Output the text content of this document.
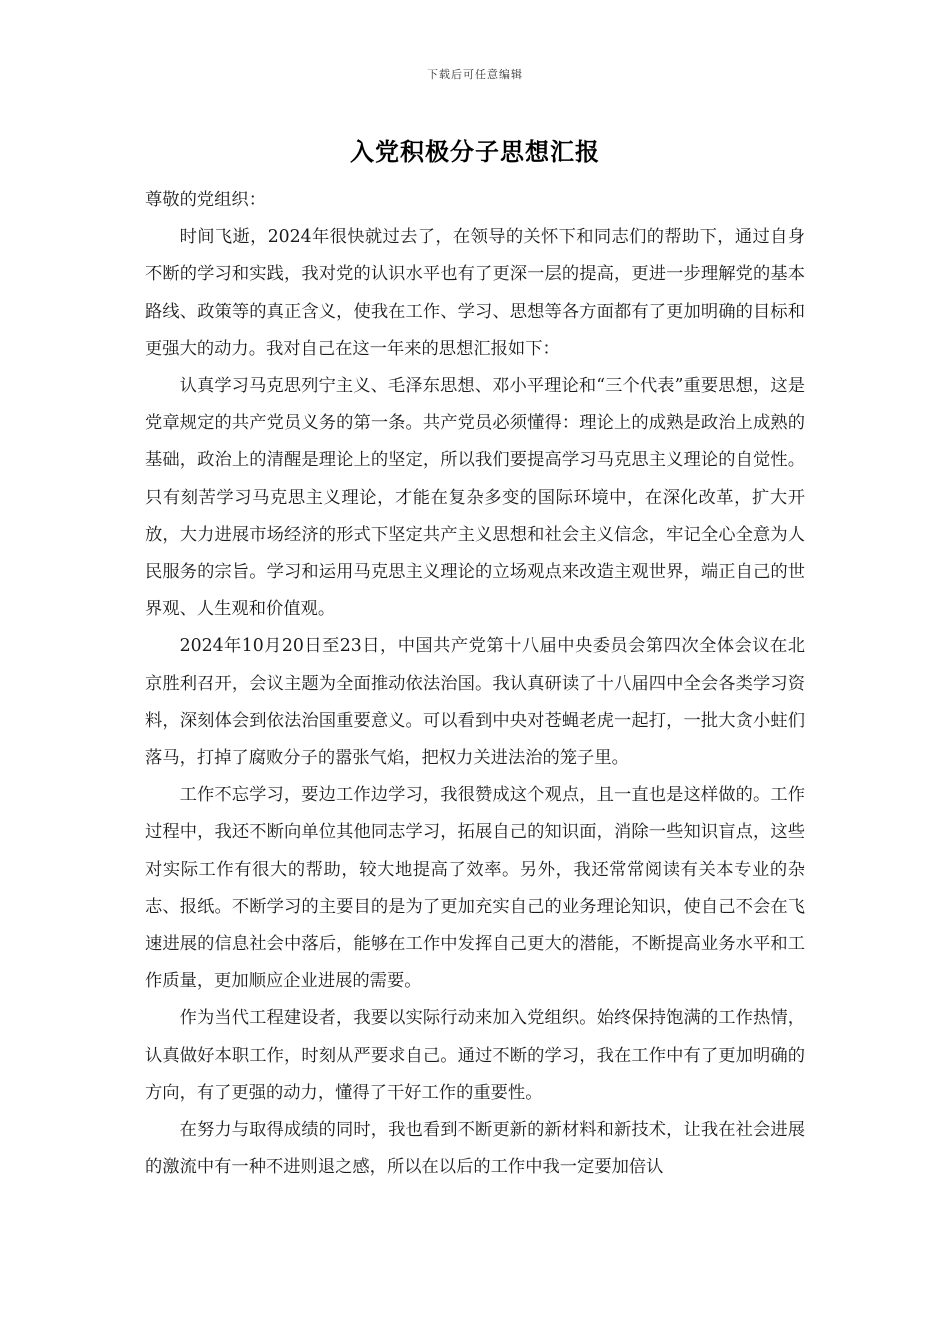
下载后可任意编辑
入党积极分子思想汇报

尊敬的党组织：

时间飞逝，2024年很快就过去了，在领导的关怀下和同志们的帮助下，通过自身不断的学习和实践，我对党的认识水平也有了更深一层的提高，更进一步理解党的基本路线、政策等的真正含义，使我在工作、学习、思想等各方面都有了更加明确的目标和更强大的动力。我对自己在这一年来的思想汇报如下：

认真学习马克思列宁主义、毛泽东思想、邓小平理论和“三个代表”重要思想，这是党章规定的共产党员义务的第一条。共产党员必须懂得：理论上的成熟是政治上成熟的基础，政治上的清醒是理论上的坚定，所以我们要提高学习马克思主义理论的自觉性。只有刻苦学习马克思主义理论，才能在复杂多变的国际环境中，在深化改革，扩大开放，大力进展市场经济的形式下坚定共产主义思想和社会主义信念，牢记全心全意为人民服务的宗旨。学习和运用马克思主义理论的立场观点来改造主观世界，端正自己的世界观、人生观和价值观。

2024年10月20日至23日，中国共产党第十八届中央委员会第四次全体会议在北京胜利召开，会议主题为全面推动依法治国。我认真研读了十八届四中全会各类学习资料，深刻体会到依法治国重要意义。可以看到中央对苍蝇老虎一起打，一批大贪小蛀们落马，打掉了腐败分子的嚣张气焰，把权力关进法治的笼子里。

工作不忘学习，要边工作边学习，我很赞成这个观点，且一直也是这样做的。工作过程中，我还不断向单位其他同志学习，拓展自己的知识面，消除一些知识盲点，这些对实际工作有很大的帮助，较大地提高了效率。另外，我还常常阅读有关本专业的杂志、报纸。不断学习的主要目的是为了更加充实自己的业务理论知识，使自己不会在飞速进展的信息社会中落后，能够在工作中发挥自己更大的潜能，不断提高业务水平和工作质量，更加顺应企业进展的需要。

作为当代工程建设者，我要以实际行动来加入党组织。始终保持饱满的工作热情，认真做好本职工作，时刻从严要求自己。通过不断的学习，我在工作中有了更加明确的方向，有了更强的动力，懂得了干好工作的重要性。

在努力与取得成绩的同时，我也看到不断更新的新材料和新技术，让我在社会进展的激流中有一种不进则退之感，所以在以后的工作中我一定要加倍认
